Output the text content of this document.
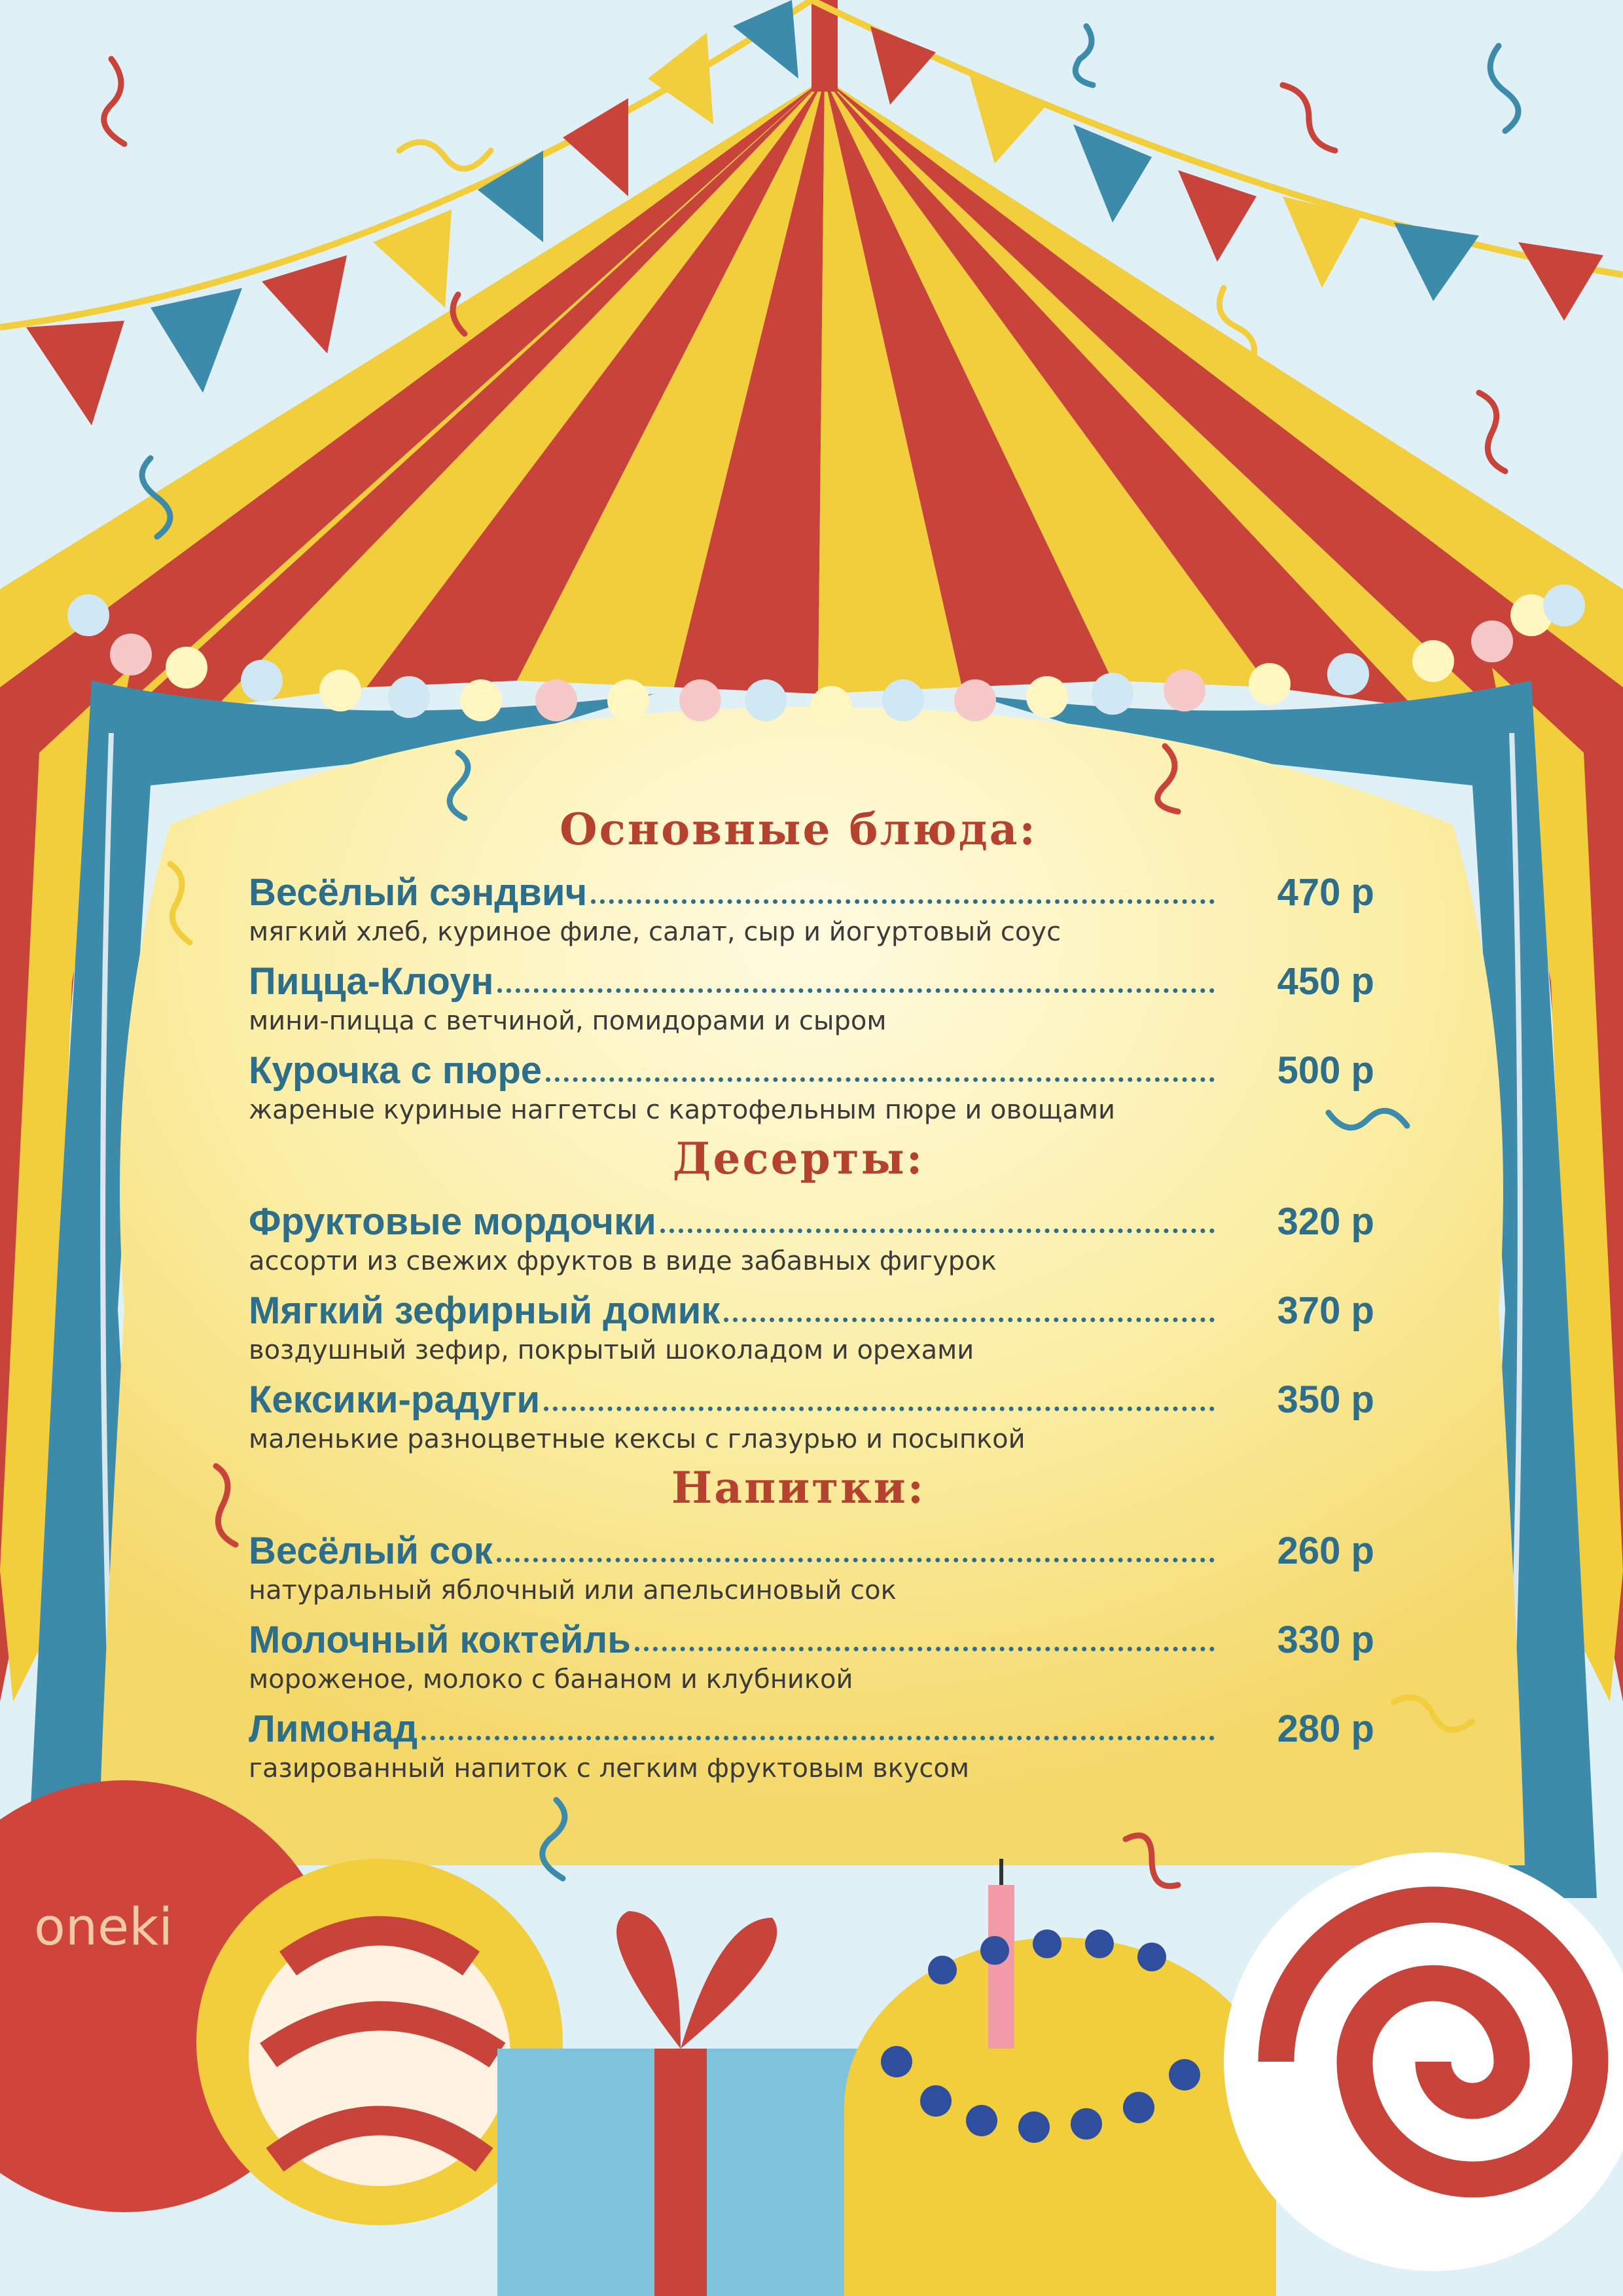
Основные блюда:
Весёлый сэндвич	470 р
мягкий хлеб, куриное филе, салат, сыр и йогуртовый соус
Пицца-Клоун	450 р
мини-пицца с ветчиной, помидорами и сыром
Курочка с пюре	500 р
жареные куриные наггетсы с картофельным пюре и овощами
Десерты:
Фруктовые мордочки	320 р
ассорти из свежих фруктов в виде забавных фигурок
Мягкий зефирный домик	370 р
воздушный зефир, покрытый шоколадом и орехами
Кексики-радуги	350 р
маленькие разноцветные кексы с глазурью и посыпкой
Напитки:
Весёлый сок	260 р
натуральный яблочный или апельсиновый сок
Молочный коктейль	330 р
мороженое, молоко с бананом и клубникой
Лимонад	280 р
газированный напиток с легким фруктовым вкусом
oneki
